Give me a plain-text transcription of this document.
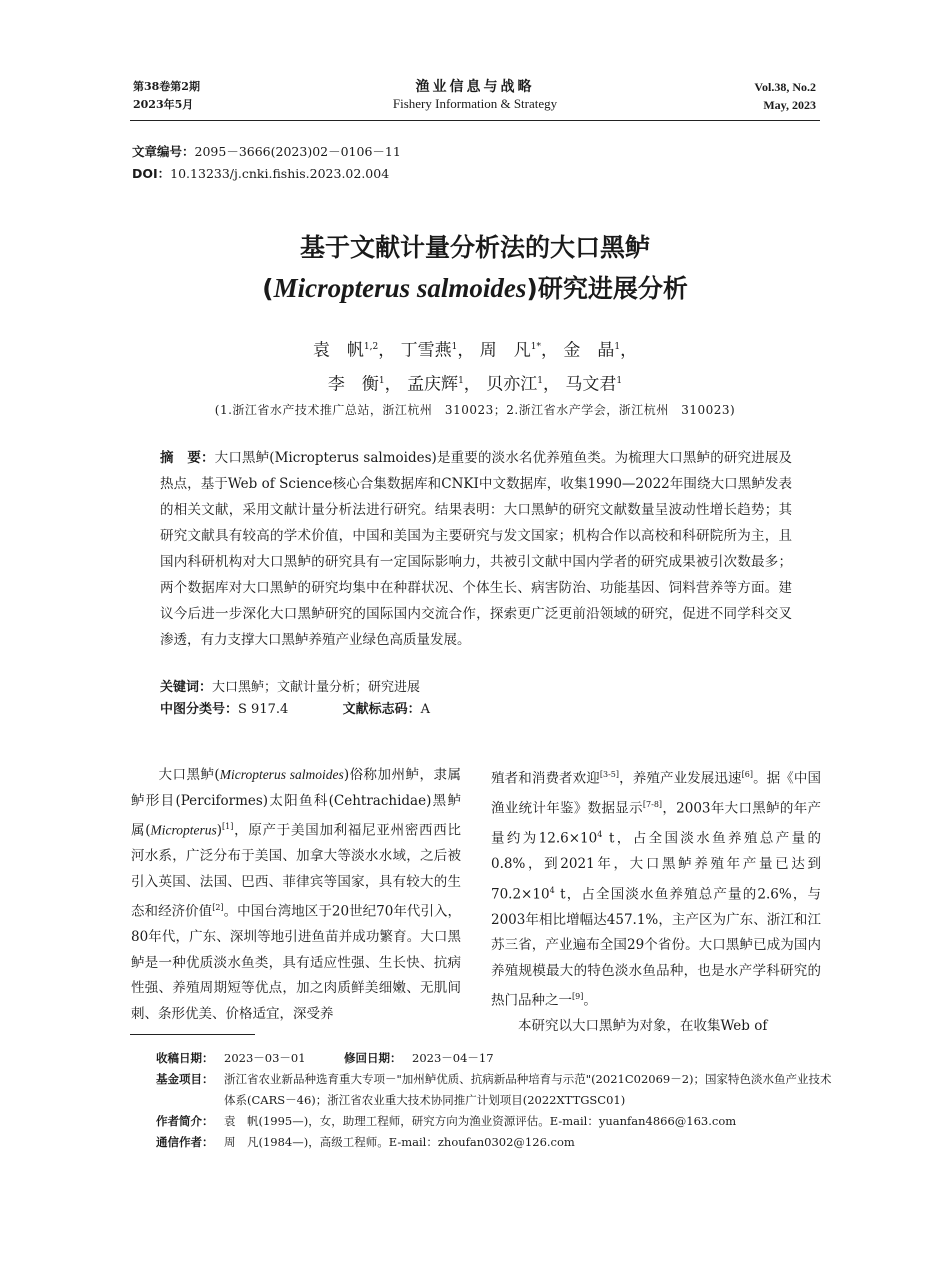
第38卷第2期
2023年5月
渔业信息与战略
Fishery Information & Strategy
Vol.38, No.2
May, 2023
文章编号：2095－3666(2023)02－0106－11
DOI：10.13233/j.cnki.fishis.2023.02.004
基于文献计量分析法的大口黑鲈
(Micropterus salmoides)研究进展分析
袁　帆$^{1,2}$， 丁雪燕$^1$， 周　凡$^{1*}$， 金　晶$^1$，
李　衡$^1$， 孟庆辉$^1$， 贝亦江$^1$， 马文君$^1$
(1.浙江省水产技术推广总站，浙江杭州　310023；2.浙江省水产学会，浙江杭州　310023)
摘　要：大口黑鲈(Micropterus salmoides)是重要的淡水名优养殖鱼类。为梳理大口黑鲈的研究进展及热点，基于Web of Science核心合集数据库和CNKI中文数据库，收集1990—2022年围绕大口黑鲈发表的相关文献，采用文献计量分析法进行研究。结果表明：大口黑鲈的研究文献数量呈波动性增长趋势；其研究文献具有较高的学术价值，中国和美国为主要研究与发文国家；机构合作以高校和科研院所为主，且国内科研机构对大口黑鲈的研究具有一定国际影响力，共被引文献中国内学者的研究成果被引次数最多；两个数据库对大口黑鲈的研究均集中在种群状况、个体生长、病害防治、功能基因、饲料营养等方面。建议今后进一步深化大口黑鲈研究的国际国内交流合作，探索更广泛更前沿领域的研究，促进不同学科交叉渗透，有力支撑大口黑鲈养殖产业绿色高质量发展。
关键词：大口黑鲈；文献计量分析；研究进展
中图分类号：S 917.4	文献标志码：A
大口黑鲈(Micropterus salmoides)俗称加州鲈，隶属鲈形目(Perciformes)太阳鱼科(Cehtrachidae)黑鲈属(Micropterus)[1]，原产于美国加利福尼亚州密西西比河水系，广泛分布于美国、加拿大等淡水水域，之后被引入英国、法国、巴西、菲律宾等国家，具有较大的生态和经济价值[2]。中国台湾地区于20世纪70年代引入，80年代，广东、深圳等地引进鱼苗并成功繁育。大口黑鲈是一种优质淡水鱼类，具有适应性强、生长快、抗病性强、养殖周期短等优点，加之肉质鲜美细嫩、无肌间刺、条形优美、价格适宜，深受养
殖者和消费者欢迎[3-5]，养殖产业发展迅速[6]。据《中国渔业统计年鉴》数据显示[7-8]，2003年大口黑鲈的年产量约为$12.6\times 10^4$ t，占全国淡水鱼养殖总产量的0.8%，到2021年，大口黑鲈养殖年产量已达到$70.2\times 10^4$ t，占全国淡水鱼养殖总产量的2.6%，与2003年相比增幅达457.1%，主产区为广东、浙江和江苏三省，产业遍布全国29个省份。大口黑鲈已成为国内养殖规模最大的特色淡水鱼品种，也是水产学科研究的热门品种之一[9]。
本研究以大口黑鲈为对象，在收集Web of
收稿日期： 2023－03－01	修回日期： 2023－04－17
基金项目： 浙江省农业新品种选育重大专项－"加州鲈优质、抗病新品种培育与示范"(2021C02069－2)；国家特色淡水鱼产业技术体系(CARS－46)；浙江省农业重大技术协同推广计划项目(2022XTTGSC01)
作者简介： 袁　帆(1995—)，女，助理工程师，研究方向为渔业资源评估。E-mail：yuanfan4866@163.com
通信作者： 周　凡(1984—)，高级工程师。E-mail：zhoufan0302@126.com
